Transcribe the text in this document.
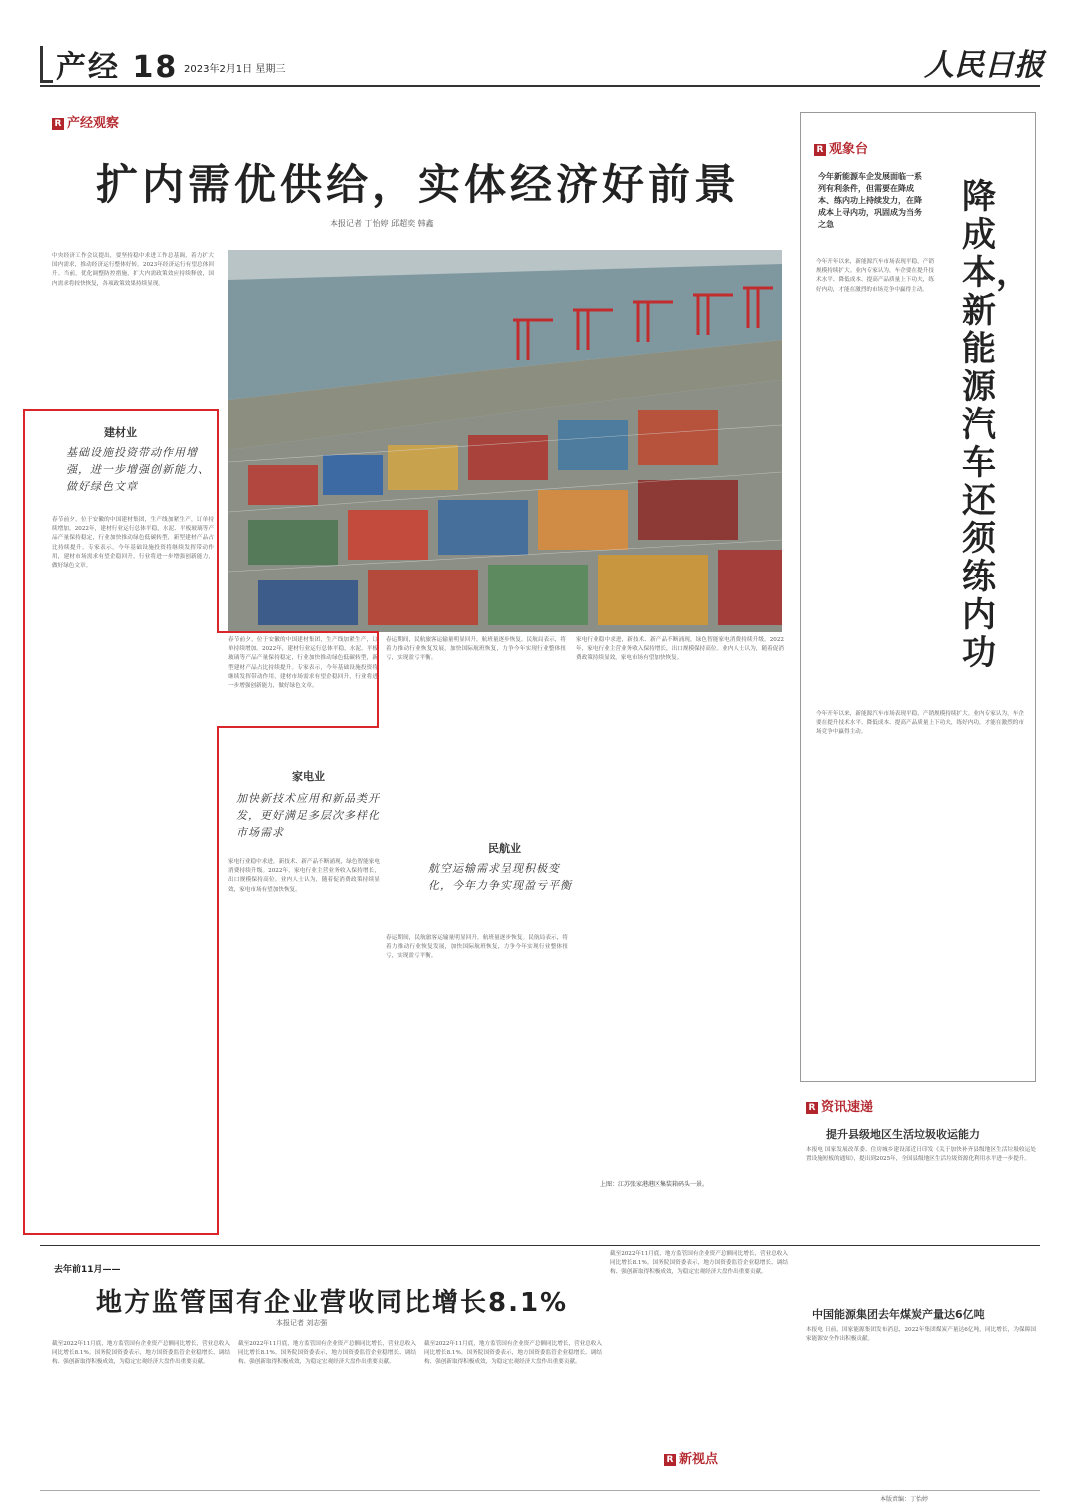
产经 18 2023年2月1日 星期三	人民日报
R 产经观察
扩内需优供给，实体经济好前景
本报记者 丁怡婷 邱超奕 韩鑫
中央经济工作会议提出，要坚持稳中求进工作总基调，着力扩大国内需求，推动经济运行整体好转。2023年经济运行有望总体回升。当前，优化调整防控措施，扩大内需政策效应持续释放，国内需求将较快恢复，各项政策效果持续显现。
建材业
基础设施投资带动作用增强，进一步增强创新能力、做好绿色文章
春节前夕，位于安徽的中国建材集团，生产线加紧生产，订单持续增加。2022年，建材行业运行总体平稳，水泥、平板玻璃等产品产量保持稳定，行业加快推动绿色低碳转型，新型建材产品占比持续提升。专家表示，今年基础设施投资将继续发挥带动作用，建材市场需求有望企稳回升，行业将进一步增强创新能力，做好绿色文章。
春节前夕，位于安徽的中国建材集团，生产线加紧生产，订单持续增加。2022年，建材行业运行总体平稳，水泥、平板玻璃等产品产量保持稳定，行业加快推动绿色低碳转型，新型建材产品占比持续提升。专家表示，今年基础设施投资将继续发挥带动作用，建材市场需求有望企稳回升，行业将进一步增强创新能力，做好绿色文章。
春运期间，民航旅客运输量明显回升，航班量逐步恢复。民航局表示，将着力推动行业恢复发展，加快国际航班恢复，力争今年实现行业整体扭亏，实现盈亏平衡。
家电行业稳中求进，新技术、新产品不断涌现，绿色智能家电消费持续升级。2022年，家电行业主营业务收入保持增长，出口规模保持高位。业内人士认为，随着促消费政策持续显效，家电市场有望加快恢复。
家电业
加快新技术应用和新品类开发，更好满足多层次多样化市场需求
家电行业稳中求进，新技术、新产品不断涌现，绿色智能家电消费持续升级。2022年，家电行业主营业务收入保持增长，出口规模保持高位。业内人士认为，随着促消费政策持续显效，家电市场有望加快恢复。
民航业
航空运输需求呈现积极变化，今年力争实现盈亏平衡
春运期间，民航旅客运输量明显回升，航班量逐步恢复。民航局表示，将着力推动行业恢复发展，加快国际航班恢复，力争今年实现行业整体扭亏，实现盈亏平衡。
上图：江苏张家港港区集装箱码头一景。
R 观象台
今年新能源车企发展面临一系列有利条件，但需要在降成本、练内功上持续发力，在降成本上寻内功，巩固成为当务之急
降成本，新能源汽车还须练内功
今年开年以来，新能源汽车市场表现平稳，产销规模持续扩大。业内专家认为，车企要在提升技术水平、降低成本、提高产品质量上下功夫，练好内功，才能在激烈的市场竞争中赢得主动。
今年开年以来，新能源汽车市场表现平稳，产销规模持续扩大。业内专家认为，车企要在提升技术水平、降低成本、提高产品质量上下功夫，练好内功，才能在激烈的市场竞争中赢得主动。
R 资讯速递
提升县级地区生活垃圾收运能力
本报电 国家发展改革委、住房城乡建设部近日印发《关于加快补齐县级地区生活垃圾收运处置设施短板的通知》，提出到2025年，全国县级地区生活垃圾资源化利用水平进一步提升。
中国能源集团去年煤炭产量达6亿吨
本报电 日前，国家能源集团发布消息，2022年集团煤炭产量达6亿吨，同比增长，为保障国家能源安全作出积极贡献。
去年前11月——
地方监管国有企业营收同比增长8.1%
本报记者 刘志强
截至2022年11月底，地方监管国有企业资产总额同比增长，营业总收入同比增长8.1%。国务院国资委表示，地方国资委监管企业稳增长、调结构、强创新取得积极成效，为稳定宏观经济大盘作出重要贡献。
截至2022年11月底，地方监管国有企业资产总额同比增长，营业总收入同比增长8.1%。国务院国资委表示，地方国资委监管企业稳增长、调结构、强创新取得积极成效，为稳定宏观经济大盘作出重要贡献。
截至2022年11月底，地方监管国有企业资产总额同比增长，营业总收入同比增长8.1%。国务院国资委表示，地方国资委监管企业稳增长、调结构、强创新取得积极成效，为稳定宏观经济大盘作出重要贡献。
截至2022年11月底，地方监管国有企业资产总额同比增长，营业总收入同比增长8.1%。国务院国资委表示，地方国资委监管企业稳增长、调结构、强创新取得积极成效，为稳定宏观经济大盘作出重要贡献。
R 新视点
本版责编：丁怡婷
